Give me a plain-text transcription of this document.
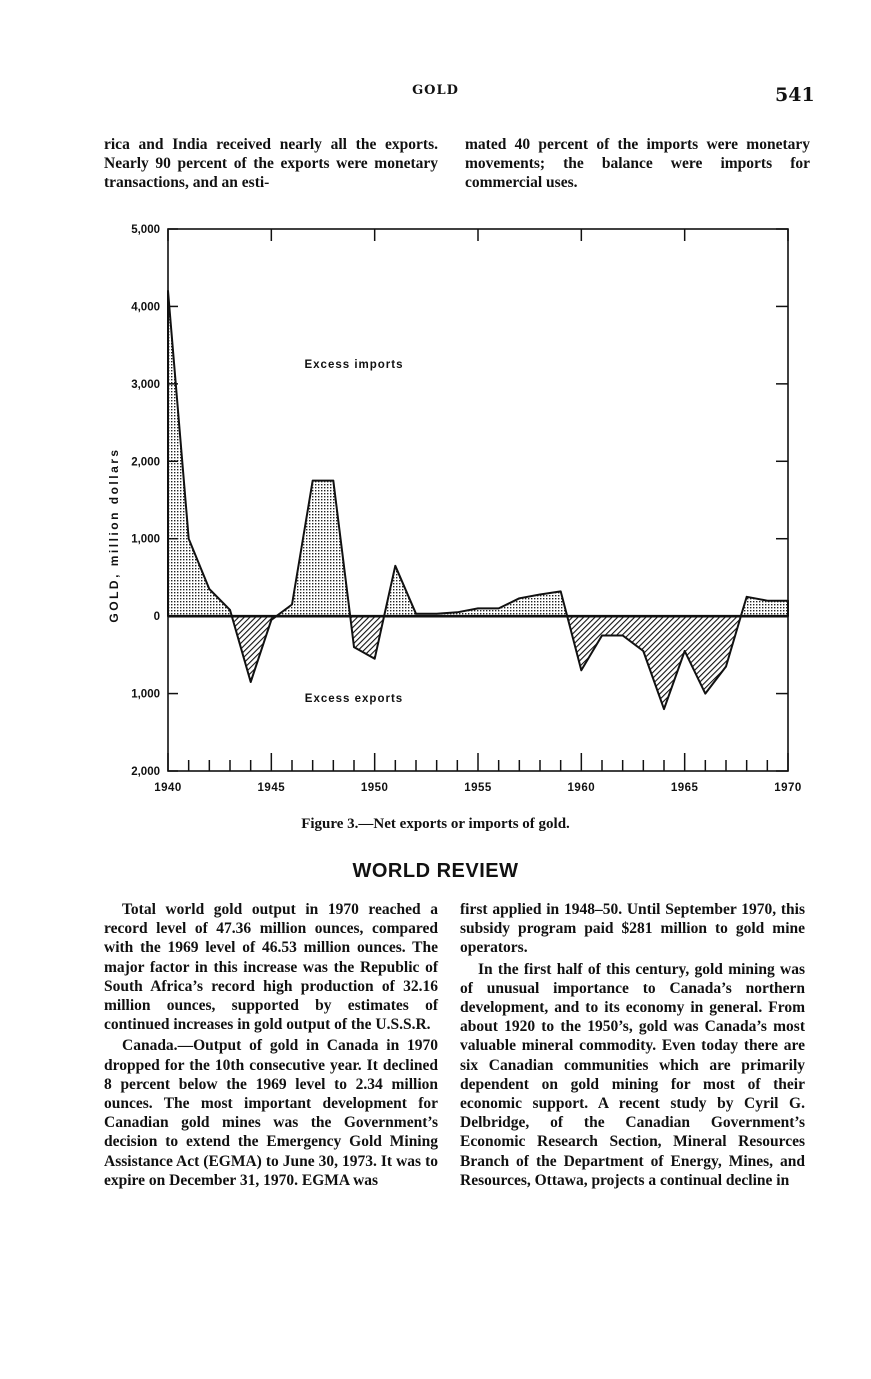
GOLD	541

rica and India received nearly all the exports. Nearly 90 percent of the exports were monetary transactions, and an esti-

mated 40 percent of the imports were monetary movements; the balance were imports for commercial uses.

5,000
4,000
3,000
2,000
1,000
0
1,000
2,000
1940	1945	1950	1955	1960	1965	1970
Excess imports
Excess exports
GOLD, million dollars
Figure 3.—Net exports or imports of gold.
WORLD REVIEW

Total world gold output in 1970 reached a record level of 47.36 million ounces, compared with the 1969 level of 46.53 million ounces. The major factor in this increase was the Republic of South Africa’s record high production of 32.16 million ounces, supported by estimates of continued increases in gold output of the U.S.S.R.

Canada.—Output of gold in Canada in 1970 dropped for the 10th consecutive year. It declined 8 percent below the 1969 level to 2.34 million ounces. The most important development for Canadian gold mines was the Government’s decision to extend the Emergency Gold Mining Assistance Act (EGMA) to June 30, 1973. It was to expire on December 31, 1970. EGMA was

first applied in 1948–50. Until September 1970, this subsidy program paid $281 million to gold mine operators.

In the first half of this century, gold mining was of unusual importance to Canada’s northern development, and to its economy in general. From about 1920 to the 1950’s, gold was Canada’s most valuable mineral commodity. Even today there are six Canadian communities which are primarily dependent on gold mining for most of their economic support. A recent study by Cyril G. Delbridge, of the Canadian Government’s Economic Research Section, Mineral Resources Branch of the Department of Energy, Mines, and Resources, Ottawa, projects a continual decline in
